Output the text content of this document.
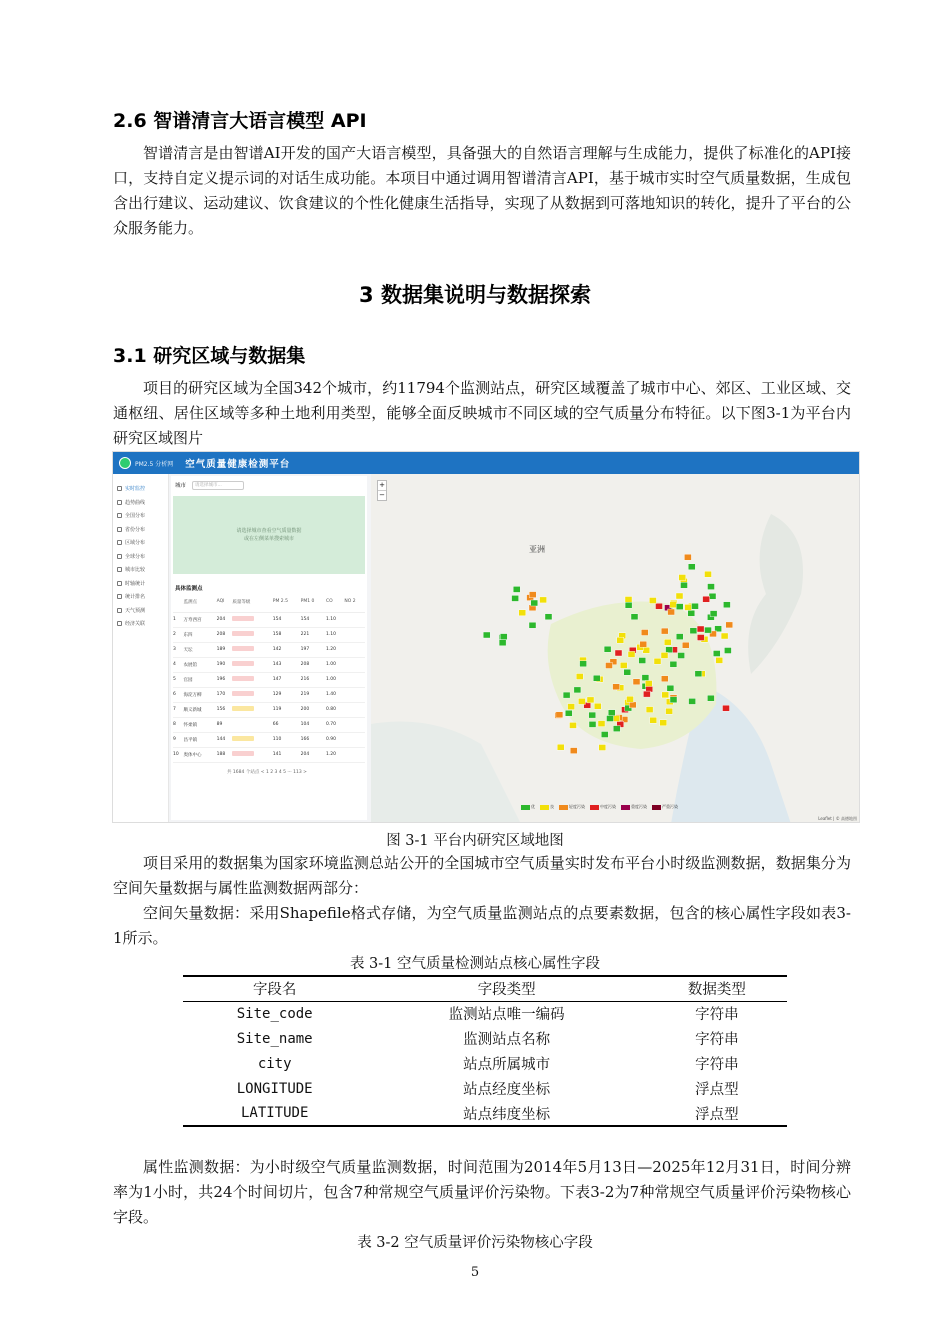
2.6 智谱清言大语言模型 API
智谱清言是由智谱AI开发的国产大语言模型，具备强大的自然语言理解与生成能力，提供了标准化的API接口，支持自定义提示词的对话生成功能。本项目中通过调用智谱清言API，基于城市实时空气质量数据，生成包含出行建议、运动建议、饮食建议的个性化健康生活指导，实现了从数据到可落地知识的转化，提升了平台的公众服务能力。
3 数据集说明与数据探索
3.1 研究区域与数据集
项目的研究区域为全国342个城市，约11794个监测站点，研究区域覆盖了城市中心、郊区、工业区域、交通枢纽、居住区域等多种土地利用类型，能够全面反映城市不同区域的空气质量分布特征。以下图3-1为平台内研究区域图片
PM2.5 分析网 空气质量健康检测平台
实时监控
趋势曲线
全国分布
省份分布
区域分布
全球分布
城市比较
时轴统计
统计排名
天气预测
经济关联
城市	请选择城市...
请选择城市查看空气质量数据
或在左侧菜单搜索城市
具体监测点
	监测点	AQI	质量等级	PM 2.5	PM1 0	CO	NO 2
1	万寿西宫	204		154	154	1.10	
2	东四	208		158	221	1.10	
3	天坛	189		142	197	1.20	
4	农展馆	190		143	208	1.00	
5	官园	196		147	216	1.00	
6	海淀万柳	170		129	219	1.40	
7	顺义新城	156		119	200	0.80	
8	怀柔镇	89		66	104	0.70	
9	昌平镇	144		110	166	0.90	
10	奥体中心	188		141	204	1.20	
共 1684 个站点 < 1 2 3 4 5 ··· 113 >
+
−
亚洲
优	良	轻度污染	中度污染	重度污染	严重污染
Leaflet | © 高德地图
图 3-1 平台内研究区域地图
项目采用的数据集为国家环境监测总站公开的全国城市空气质量实时发布平台小时级监测数据，数据集分为空间矢量数据与属性监测数据两部分：
空间矢量数据：采用Shapefile格式存储，为空气质量监测站点的点要素数据，包含的核心属性字段如表3-1所示。
表 3-1 空气质量检测站点核心属性字段
字段名	字段类型	数据类型
Site_code	监测站点唯一编码	字符串
Site_name	监测站点名称	字符串
city	站点所属城市	字符串
LONGITUDE	站点经度坐标	浮点型
LATITUDE	站点纬度坐标	浮点型
属性监测数据：为小时级空气质量监测数据，时间范围为2014年5月13日—2025年12月31日，时间分辨率为1小时，共24个时间切片，包含7种常规空气质量评价污染物。下表3-2为7种常规空气质量评价污染物核心字段。
表 3-2 空气质量评价污染物核心字段
5
